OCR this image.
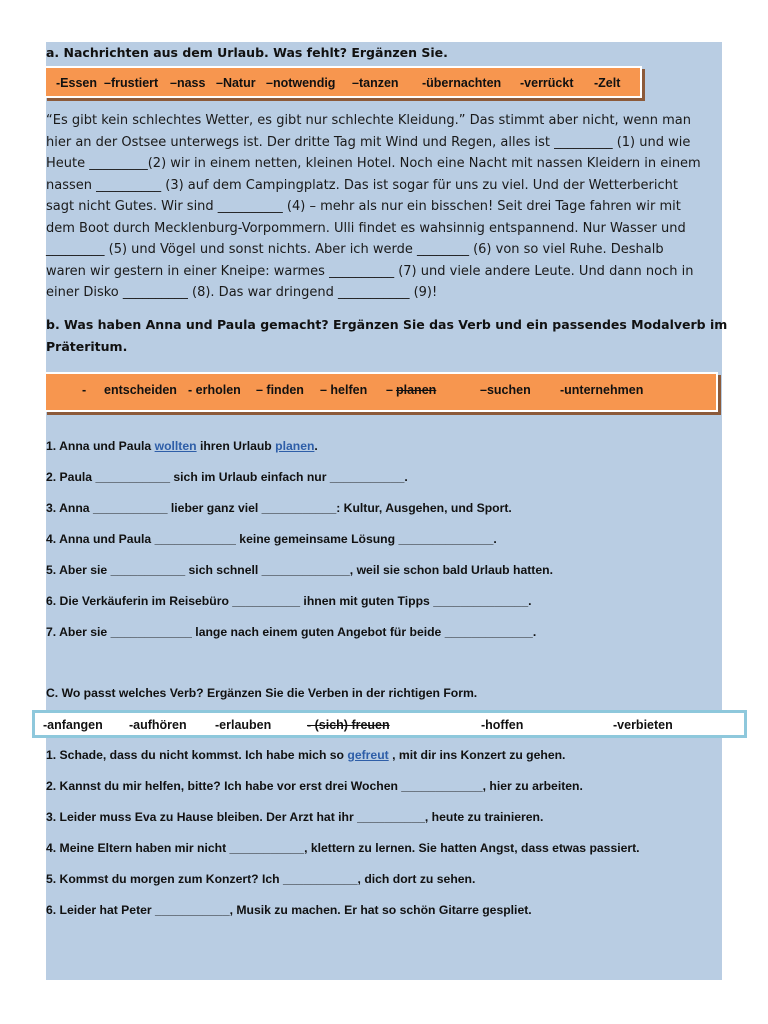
a. Nachrichten aus dem Urlaub. Was fehlt? Ergänzen Sie.
-Essen –frustiert –nass –Natur –notwendig –tanzen -übernachten -verrückt -Zelt
“Es gibt kein schlechtes Wetter, es gibt nur schlechte Kleidung.” Das stimmt aber nicht, wenn man
hier an der Ostsee unterwegs ist. Der dritte Tag mit Wind und Regen, alles ist _________ (1) und wie
Heute _________(2) wir in einem netten, kleinen Hotel. Noch eine Nacht mit nassen Kleidern in einem
nassen __________ (3) auf dem Campingplatz. Das ist sogar für uns zu viel. Und der Wetterbericht
sagt nicht Gutes. Wir sind __________ (4) – mehr als nur ein bisschen! Seit drei Tage fahren wir mit
dem Boot durch Mecklenburg-Vorpommern. Ulli findet es wahsinnig entspannend. Nur Wasser und
_________ (5) und Vögel und sonst nichts. Aber ich werde ________ (6) von so viel Ruhe. Deshalb
waren wir gestern in einer Kneipe: warmes __________ (7) und viele andere Leute. Und dann noch in
einer Disko __________ (8). Das war dringend ___________ (9)!
b. Was haben Anna und Paula gemacht? Ergänzen Sie das Verb und ein passendes Modalverb im
Präteritum.
- entscheiden - erholen – finden – helfen – planen	–suchen -unternehmen
1. Anna und Paula wollten ihren Urlaub planen.
2. Paula ___________ sich im Urlaub einfach nur ___________.
3. Anna ___________ lieber ganz viel ___________: Kultur, Ausgehen, und Sport.
4. Anna und Paula ____________ keine gemeinsame Lösung ______________.
5. Aber sie ___________ sich schnell _____________, weil sie schon bald Urlaub hatten.
6. Die Verkäuferin im Reisebüro __________ ihnen mit guten Tipps ______________.
7. Aber sie ____________ lange nach einem guten Angebot für beide _____________.
C. Wo passt welches Verb? Ergänzen Sie die Verben in der richtigen Form.
-anfangen -aufhören -erlauben	- (sich) freuen	-hoffen	-verbieten
1. Schade, dass du nicht kommst. Ich habe mich so gefreut , mit dir ins Konzert zu gehen.
2. Kannst du mir helfen, bitte? Ich habe vor erst drei Wochen ____________, hier zu arbeiten.
3. Leider muss Eva zu Hause bleiben. Der Arzt hat ihr __________, heute zu trainieren.
4. Meine Eltern haben mir nicht ___________, klettern zu lernen. Sie hatten Angst, dass etwas passiert.
5. Kommst du morgen zum Konzert? Ich ___________, dich dort zu sehen.
6. Leider hat Peter ___________, Musik zu machen. Er hat so schön Gitarre gespliet.
